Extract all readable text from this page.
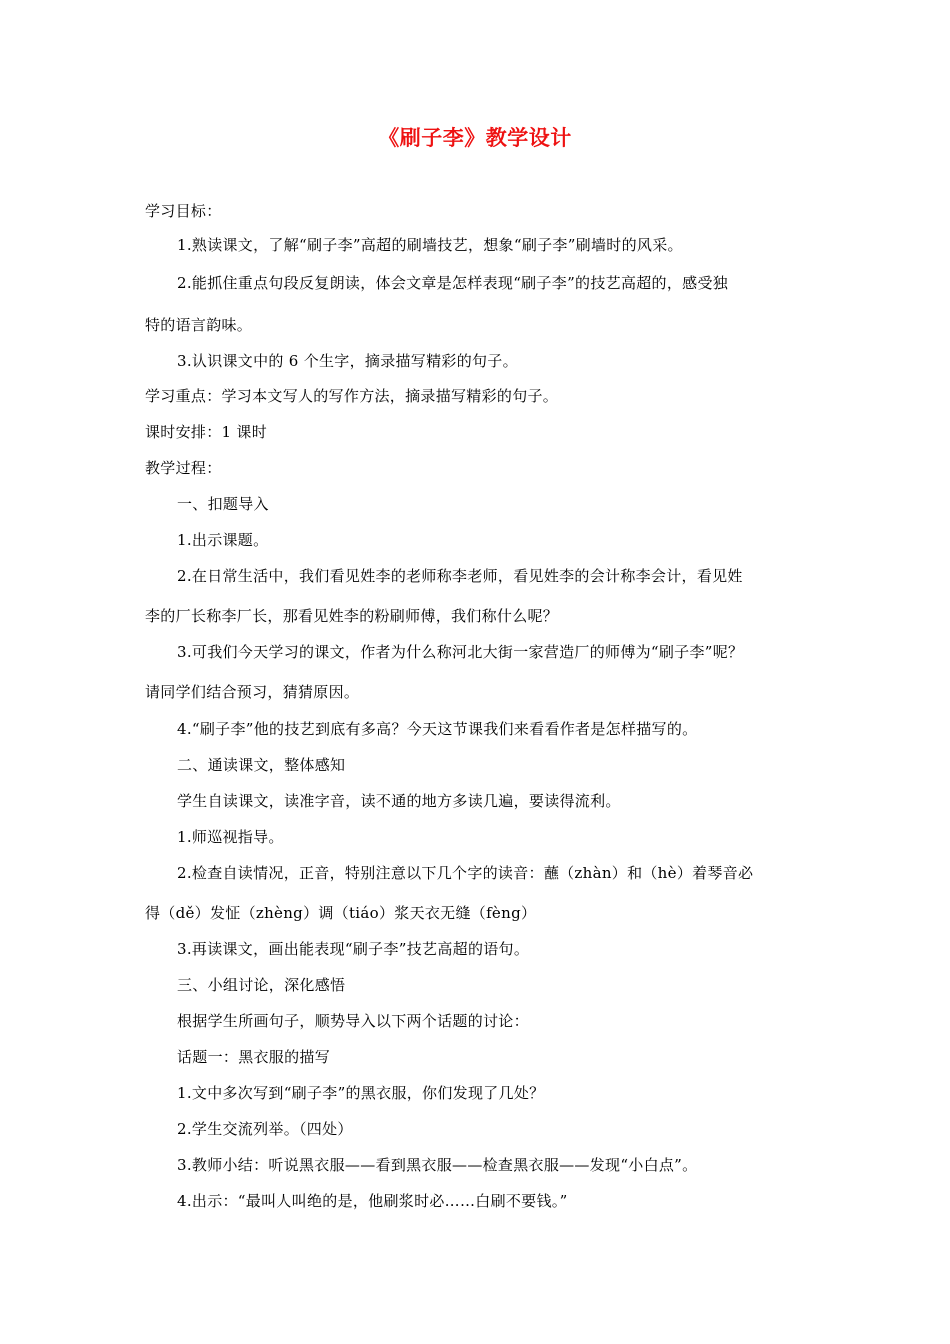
《刷子李》教学设计
学习目标：
1.熟读课文，了解“刷子李”高超的刷墙技艺，想象“刷子李”刷墙时的风采。
2.能抓住重点句段反复朗读，体会文章是怎样表现“刷子李”的技艺高超的，感受独
特的语言韵味。
3.认识课文中的 6 个生字，摘录描写精彩的句子。
学习重点：学习本文写人的写作方法，摘录描写精彩的句子。
课时安排：1 课时
教学过程：
一、扣题导入
1.出示课题。
2.在日常生活中，我们看见姓李的老师称李老师，看见姓李的会计称李会计，看见姓
李的厂长称李厂长，那看见姓李的粉刷师傅，我们称什么呢？
3.可我们今天学习的课文，作者为什么称河北大街一家营造厂的师傅为“刷子李”呢？
请同学们结合预习，猜猜原因。
4.“刷子李”他的技艺到底有多高？今天这节课我们来看看作者是怎样描写的。
二、通读课文，整体感知
学生自读课文，读准字音，读不通的地方多读几遍，要读得流利。
1.师巡视指导。
2.检查自读情况，正音，特别注意以下几个字的读音：蘸（zhàn）和（hè）着琴音必
得（dě）发怔（zhèng）调（tiáo）浆天衣无缝（fèng）
3.再读课文，画出能表现“刷子李”技艺高超的语句。
三、小组讨论，深化感悟
根据学生所画句子，顺势导入以下两个话题的讨论：
话题一：黑衣服的描写
1.文中多次写到“刷子李”的黑衣服，你们发现了几处？
2.学生交流列举。（四处）
3.教师小结：听说黑衣服——看到黑衣服——检查黑衣服——发现“小白点”。
4.出示：“最叫人叫绝的是，他刷浆时必……白刷不要钱。”
